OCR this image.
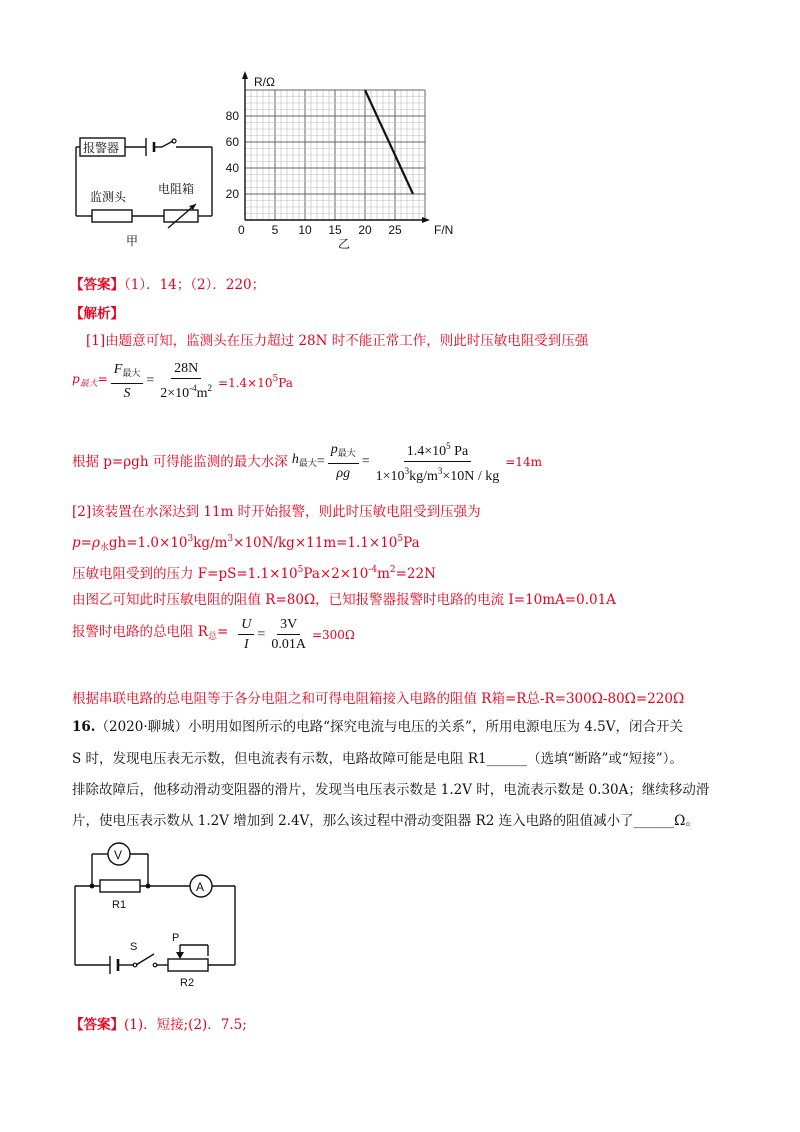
报警器
监测头
电阻箱
甲
5 10 15 20 25
20
40
60
80
R/Ω
F/N
0
乙
【答案】（1）．14；（2）．220；
【解析】
[1]由题意可知，监测头在压力超过 28N 时不能正常工作，则此时压敏电阻受到压强
$p_{最大}= \frac{F_{最大}}{S} = \frac{28N}{2\times 10^{-4}m^2} =1.4\times 10^5Pa$
根据 p=ρgh 可得能监测的最大水深 $h_{最大} = \frac{p_{最大}}{\rho g} = \frac{1.4\times 10^5 Pa}{1\times 10^3kg/m^3\times 10N / kg} =14m$
[2]该装置在水深达到 11m 时开始报警，则此时压敏电阻受到压强为
$p=\rho_水gh=1.0\times 10^3kg/m^3\times 10N/kg\times 11m=1.1\times 10^5Pa$
压敏电阻受到的压力 $F=pS=1.1\times 10^5Pa\times 2\times 10^{-4}m^2=22N$
由图乙可知此时压敏电阻的阻值 R=80Ω，已知报警器报警时电路的电流 I=10mA=0.01A
报警时电路的总电阻 $R_总= \frac{U}{I} = \frac{3V}{0.01A} =300\Omega$
根据串联电路的总电阻等于各分电阻之和可得电阻箱接入电路的阻值 R箱=R总-R=300Ω-80Ω=220Ω
16.（2020·聊城）小明用如图所示的电路“探究电流与电压的关系”，所用电源电压为 4.5V，闭合开关
S 时，发现电压表无示数，但电流表有示数，电路故障可能是电阻 R1______（选填“断路”或“短接”）。
排除故障后，他移动滑动变阻器的滑片，发现当电压表示数是 1.2V 时，电流表示数是 0.30A；继续移动滑
片，使电压表示数从 1.2V 增加到 2.4V，那么该过程中滑动变阻器 R2 连入电路的阻值减小了______Ω。
V
A
R1
S
P
R2
【答案】(1)．短接;(2)．7.5;
